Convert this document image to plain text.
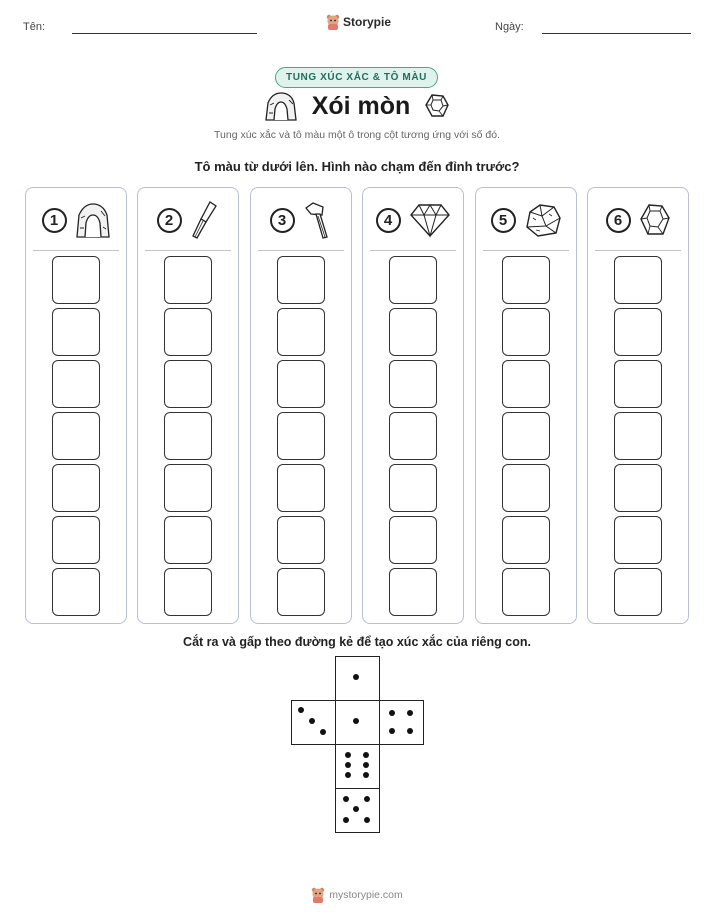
Tên:	Storypie	Ngày:
TUNG XÚC XẮC & TÔ MÀU
Xói mòn
Tung xúc xắc và tô màu một ô trong cột tương ứng với số đó.
Tô màu từ dưới lên. Hình nào chạm đến đỉnh trước?
1	2	3	4	5	6
Cắt ra và gấp theo đường kẻ để tạo xúc xắc của riêng con.
mystorypie.com
